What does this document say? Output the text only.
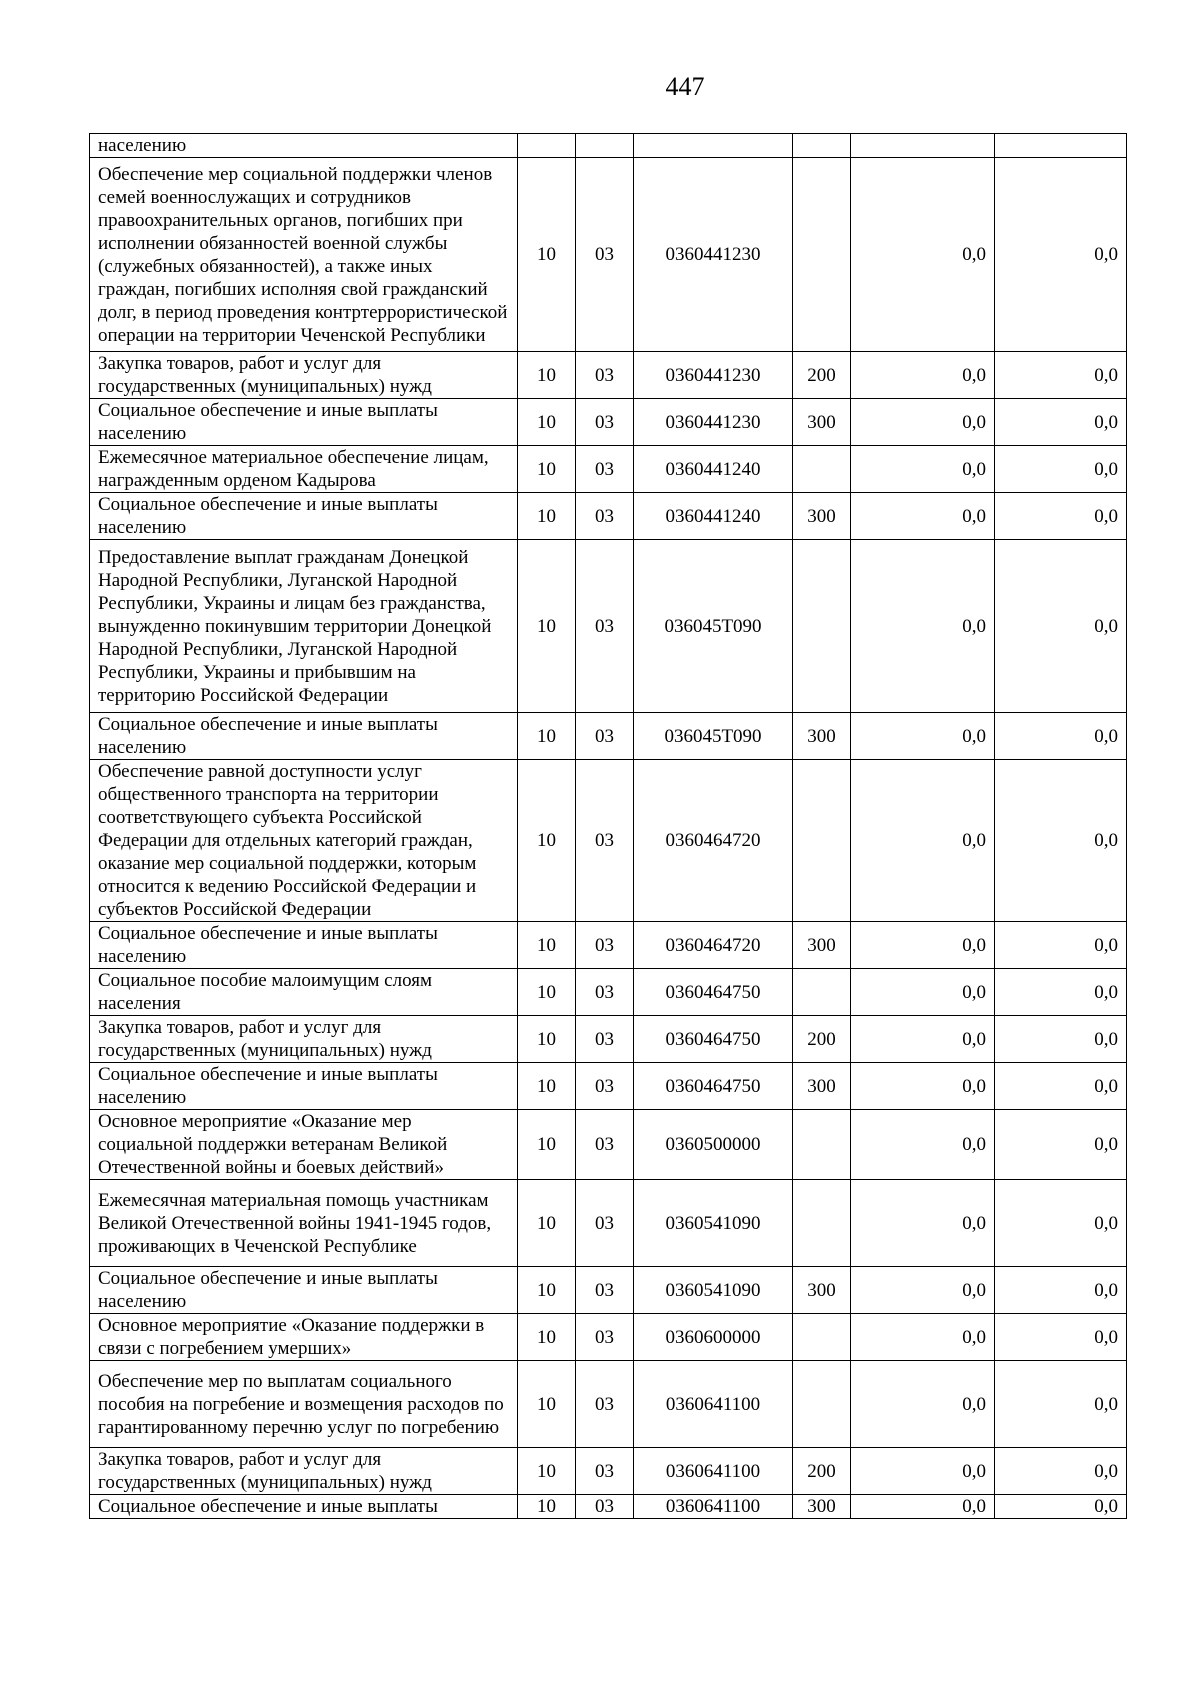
447
населению						
Обеспечение мер социальной поддержки членов семей военнослужащих и сотрудников правоохранительных органов, погибших при исполнении обязанностей военной службы (служебных обязанностей), а также иных граждан, погибших исполняя свой гражданский долг, в период проведения контртеррористической операции на территории Чеченской Республики	10	03	0360441230		0,0	0,0
Закупка товаров, работ и услуг для государственных (муниципальных) нужд	10	03	0360441230	200	0,0	0,0
Социальное обеспечение и иные выплаты населению	10	03	0360441230	300	0,0	0,0
Ежемесячное материальное обеспечение лицам, награжденным орденом Кадырова	10	03	0360441240		0,0	0,0
Социальное обеспечение и иные выплаты населению	10	03	0360441240	300	0,0	0,0
Предоставление выплат гражданам Донецкой Народной Республики, Луганской Народной Республики, Украины и лицам без гражданства, вынужденно покинувшим территории Донецкой Народной Республики, Луганской Народной Республики, Украины и прибывшим на территорию Российской Федерации	10	03	036045T090		0,0	0,0
Социальное обеспечение и иные выплаты населению	10	03	036045T090	300	0,0	0,0
Обеспечение равной доступности услуг общественного транспорта на территории соответствующего субъекта Российской Федерации для отдельных категорий граждан, оказание мер социальной поддержки, которым относится к ведению Российской Федерации и субъектов Российской Федерации	10	03	0360464720		0,0	0,0
Социальное обеспечение и иные выплаты населению	10	03	0360464720	300	0,0	0,0
Социальное пособие малоимущим слоям населения	10	03	0360464750		0,0	0,0
Закупка товаров, работ и услуг для государственных (муниципальных) нужд	10	03	0360464750	200	0,0	0,0
Социальное обеспечение и иные выплаты населению	10	03	0360464750	300	0,0	0,0
Основное мероприятие «Оказание мер социальной поддержки ветеранам Великой Отечественной войны и боевых действий»	10	03	0360500000		0,0	0,0
Ежемесячная материальная помощь участникам Великой Отечественной войны 1941-1945 годов, проживающих в Чеченской Республике	10	03	0360541090		0,0	0,0
Социальное обеспечение и иные выплаты населению	10	03	0360541090	300	0,0	0,0
Основное мероприятие «Оказание поддержки в связи с погребением умерших»	10	03	0360600000		0,0	0,0
Обеспечение мер по выплатам социального пособия на погребение и возмещения расходов по гарантированному перечню услуг по погребению	10	03	0360641100		0,0	0,0
Закупка товаров, работ и услуг для государственных (муниципальных) нужд	10	03	0360641100	200	0,0	0,0
Социальное обеспечение и иные выплаты	10	03	0360641100	300	0,0	0,0
